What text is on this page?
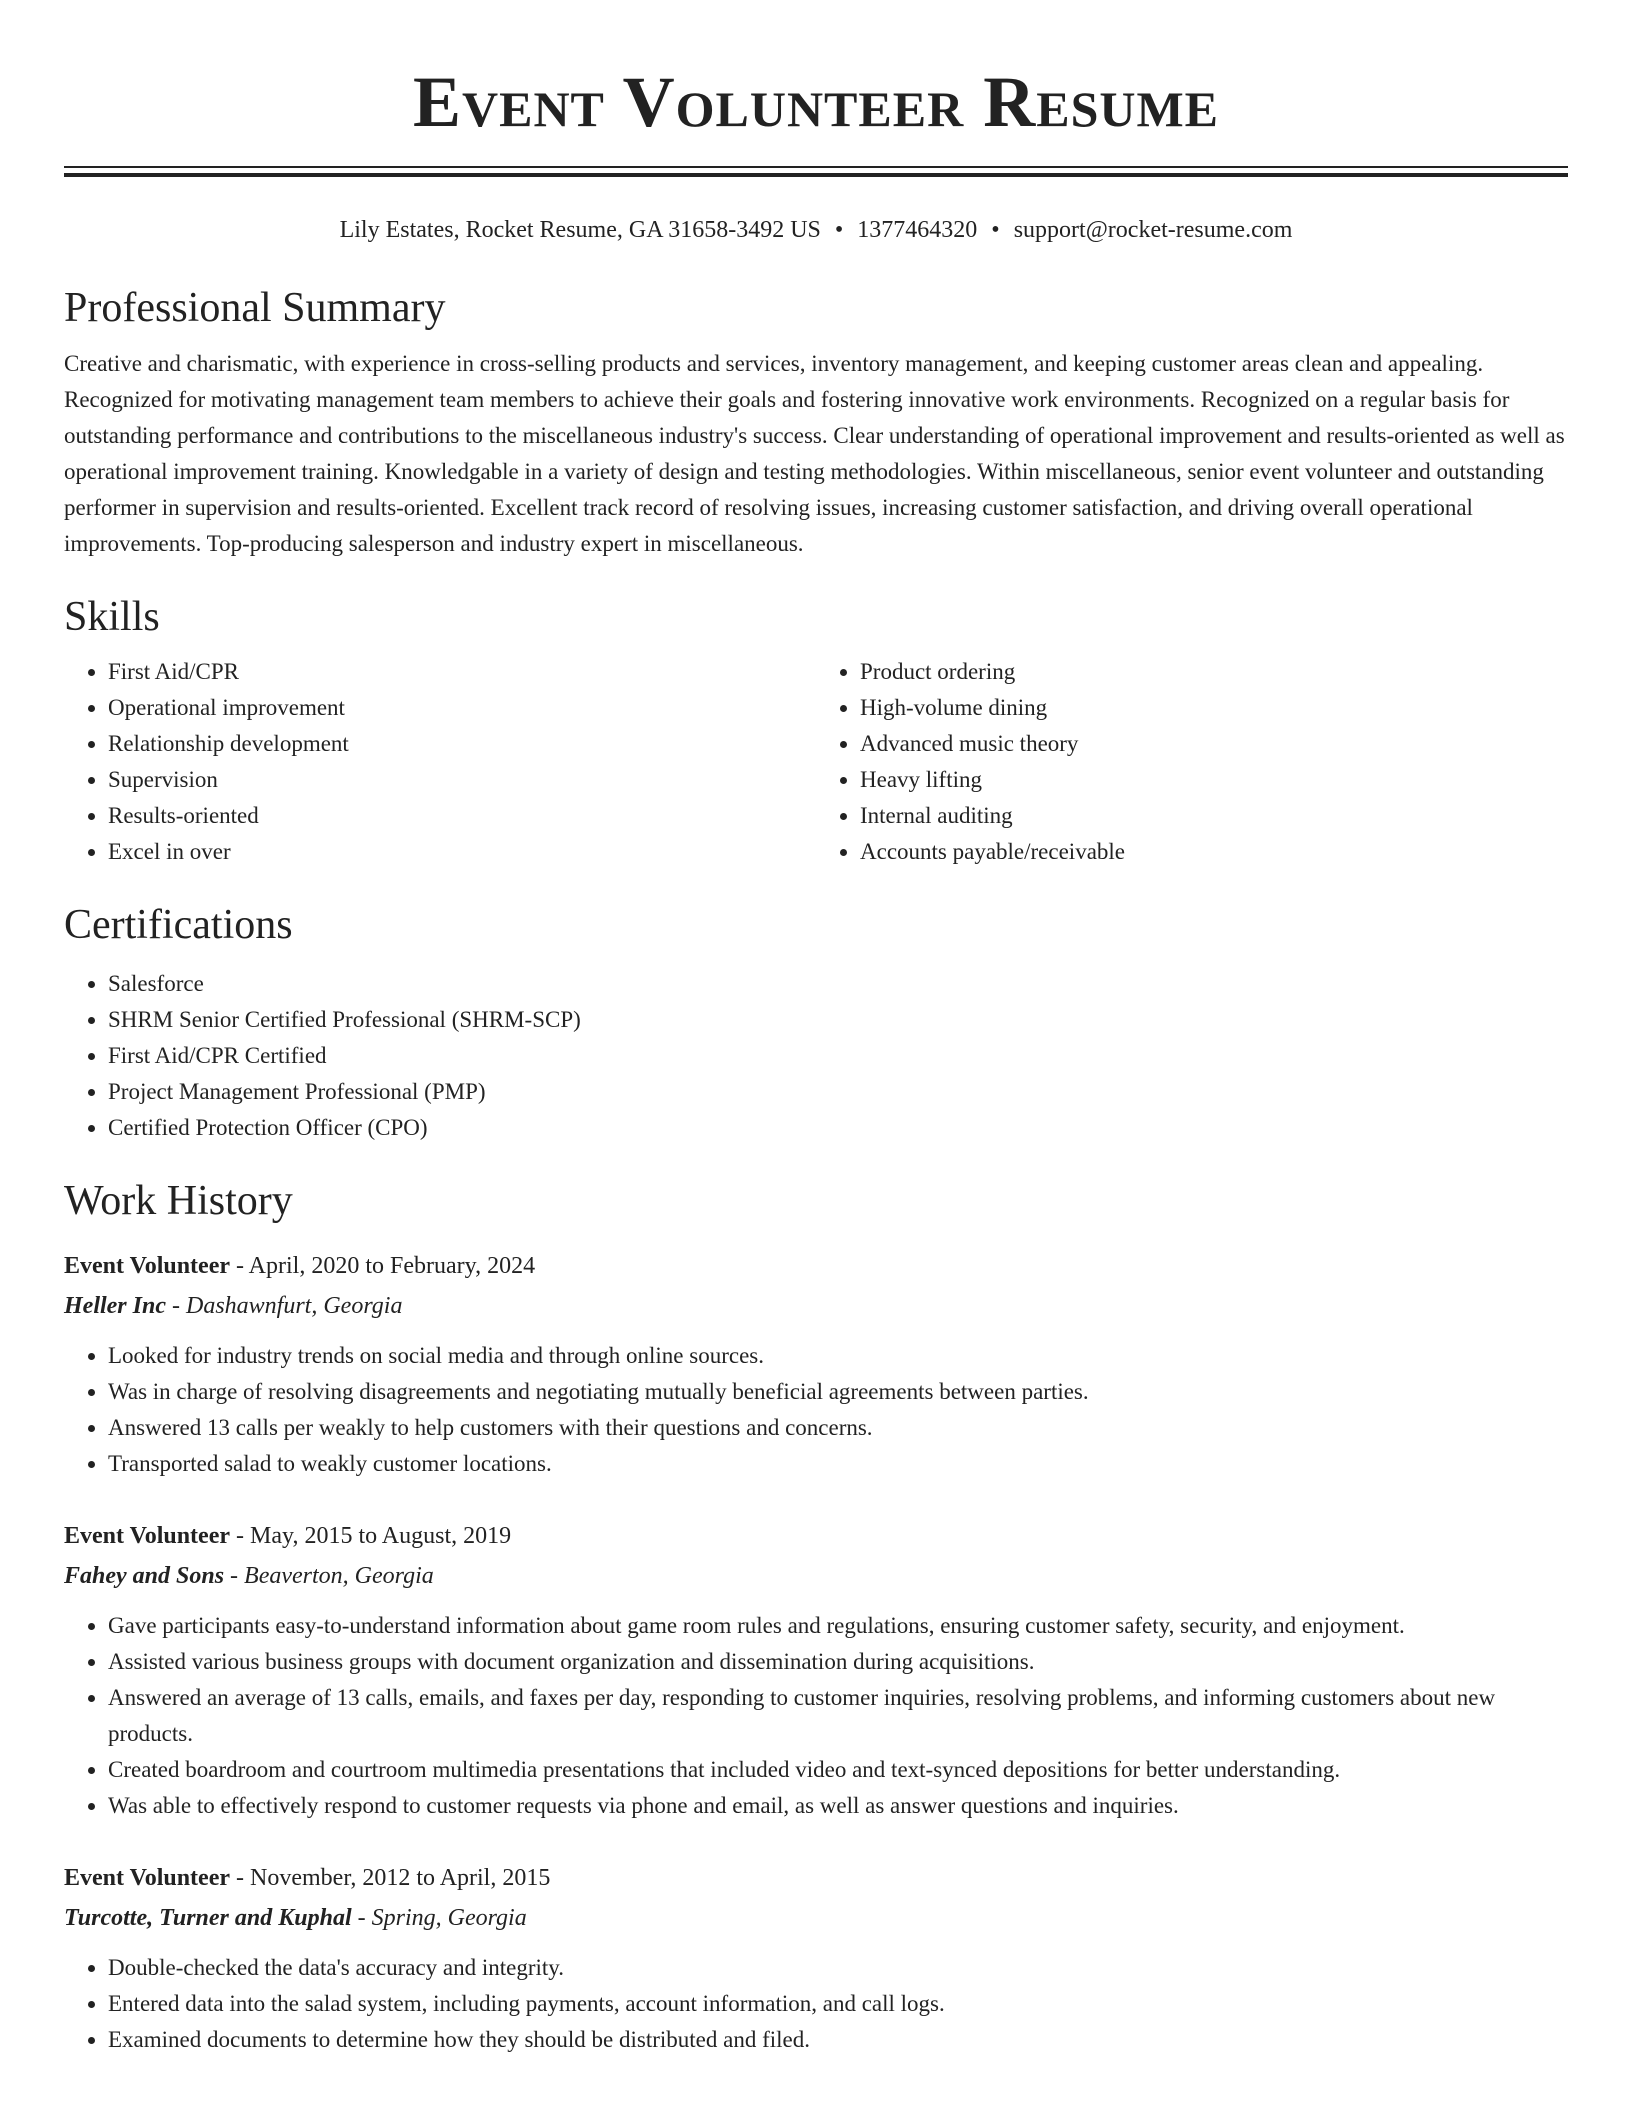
Event Volunteer Resume
Lily Estates, Rocket Resume, GA 31658-3492 US • 1377464320 • support@rocket-resume.com
Professional Summary

Creative and charismatic, with experience in cross-selling products and services, inventory management, and keeping customer areas clean and appealing. Recognized for motivating management team members to achieve their goals and fostering innovative work environments. Recognized on a regular basis for outstanding performance and contributions to the miscellaneous industry's success. Clear understanding of operational improvement and results-oriented as well as operational improvement training. Knowledgable in a variety of design and testing methodologies. Within miscellaneous, senior event volunteer and outstanding performer in supervision and results-oriented. Excellent track record of resolving issues, increasing customer satisfaction, and driving overall operational improvements. Top-producing salesperson and industry expert in miscellaneous.

Skills
• First Aid/CPR
• Operational improvement
• Relationship development
• Supervision
• Results-oriented
• Excel in over
• Product ordering
• High-volume dining
• Advanced music theory
• Heavy lifting
• Internal auditing
• Accounts payable/receivable
Certifications
• Salesforce
• SHRM Senior Certified Professional (SHRM-SCP)
• First Aid/CPR Certified
• Project Management Professional (PMP)
• Certified Protection Officer (CPO)
Work History
Event Volunteer - April, 2020 to February, 2024
Heller Inc - Dashawnfurt, Georgia
• Looked for industry trends on social media and through online sources.
• Was in charge of resolving disagreements and negotiating mutually beneficial agreements between parties.
• Answered 13 calls per weakly to help customers with their questions and concerns.
• Transported salad to weakly customer locations.
Event Volunteer - May, 2015 to August, 2019
Fahey and Sons - Beaverton, Georgia
• Gave participants easy-to-understand information about game room rules and regulations, ensuring customer safety, security, and enjoyment.
• Assisted various business groups with document organization and dissemination during acquisitions.
• Answered an average of 13 calls, emails, and faxes per day, responding to customer inquiries, resolving problems, and informing customers about new products.
• Created boardroom and courtroom multimedia presentations that included video and text-synced depositions for better understanding.
• Was able to effectively respond to customer requests via phone and email, as well as answer questions and inquiries.
Event Volunteer - November, 2012 to April, 2015
Turcotte, Turner and Kuphal - Spring, Georgia
• Double-checked the data's accuracy and integrity.
• Entered data into the salad system, including payments, account information, and call logs.
• Examined documents to determine how they should be distributed and filed.
